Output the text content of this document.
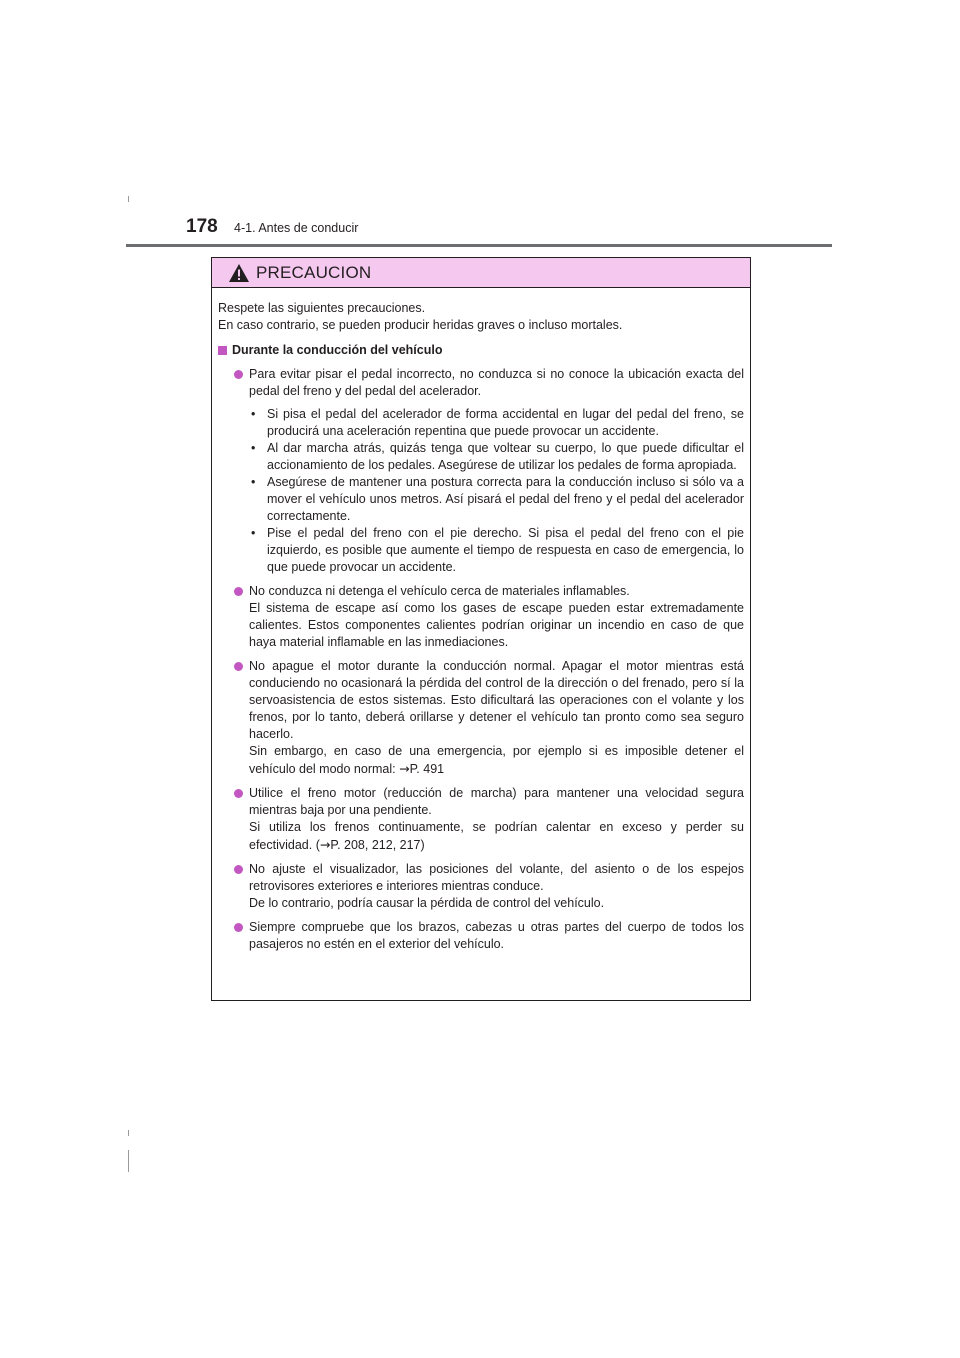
178 4-1. Antes de conducir
PRECAUCION

Respete las siguientes precauciones.

En caso contrario, se pueden producir heridas graves o incluso mortales.

Durante la conducción del vehículo

Para evitar pisar el pedal incorrecto, no conduzca si no conoce la ubicación exacta del pedal del freno y del pedal del acelerador.

• Si pisa el pedal del acelerador de forma accidental en lugar del pedal del freno, se producirá una aceleración repentina que puede provocar un accidente.
• Al dar marcha atrás, quizás tenga que voltear su cuerpo, lo que puede dificultar el accionamiento de los pedales. Asegúrese de utilizar los pedales de forma apropiada.
• Asegúrese de mantener una postura correcta para la conducción incluso si sólo va a mover el vehículo unos metros. Así pisará el pedal del freno y el pedal del acelerador correctamente.
• Pise el pedal del freno con el pie derecho. Si pisa el pedal del freno con el pie izquierdo, es posible que aumente el tiempo de respuesta en caso de emergencia, lo que puede provocar un accidente.

No conduzca ni detenga el vehículo cerca de materiales inflamables.

El sistema de escape así como los gases de escape pueden estar extremadamente calientes. Estos componentes calientes podrían originar un incendio en caso de que haya material inflamable en las inmediaciones.

No apague el motor durante la conducción normal. Apagar el motor mientras está conduciendo no ocasionará la pérdida del control de la dirección o del frenado, pero sí la servoasistencia de estos sistemas. Esto dificultará las operaciones con el volante y los frenos, por lo tanto, deberá orillarse y detener el vehículo tan pronto como sea seguro hacerlo.

Sin embargo, en caso de una emergencia, por ejemplo si es imposible detener el vehículo del modo normal: →P. 491

Utilice el freno motor (reducción de marcha) para mantener una velocidad segura mientras baja por una pendiente.

Si utiliza los frenos continuamente, se podrían calentar en exceso y perder su efectividad. (→P. 208, 212, 217)

No ajuste el visualizador, las posiciones del volante, del asiento o de los espejos retrovisores exteriores e interiores mientras conduce.

De lo contrario, podría causar la pérdida de control del vehículo.

Siempre compruebe que los brazos, cabezas u otras partes del cuerpo de todos los pasajeros no estén en el exterior del vehículo.
